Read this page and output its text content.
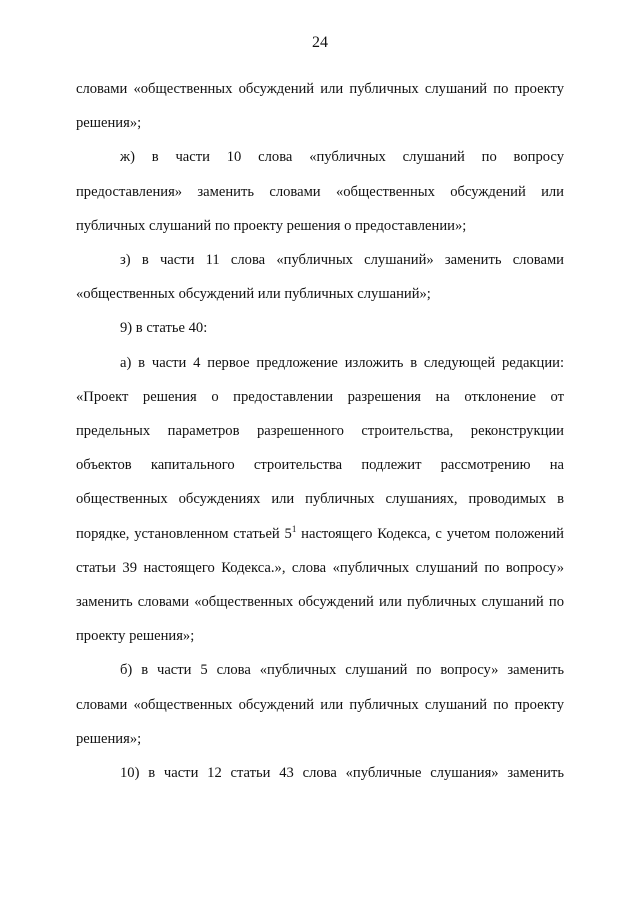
24

словами «общественных обсуждений или публичных слушаний по проекту решения»;

ж) в части 10 слова «публичных слушаний по вопросу предоставления» заменить словами «общественных обсуждений или публичных слушаний по проекту решения о предоставлении»;

з) в части 11 слова «публичных слушаний» заменить словами «общественных обсуждений или публичных слушаний»;

9) в статье 40:

а) в части 4 первое предложение изложить в следующей редакции: «Проект решения о предоставлении разрешения на отклонение от предельных параметров разрешенного строительства, реконструкции объектов капитального строительства подлежит рассмотрению на общественных обсуждениях или публичных слушаниях, проводимых в порядке, установленном статьей $5^1$ настоящего Кодекса, с учетом положений статьи 39 настоящего Кодекса.», слова «публичных слушаний по вопросу» заменить словами «общественных обсуждений или публичных слушаний по проекту решения»;

б) в части 5 слова «публичных слушаний по вопросу» заменить словами «общественных обсуждений или публичных слушаний по проекту решения»;

10) в части 12 статьи 43 слова «публичные слушания» заменить
